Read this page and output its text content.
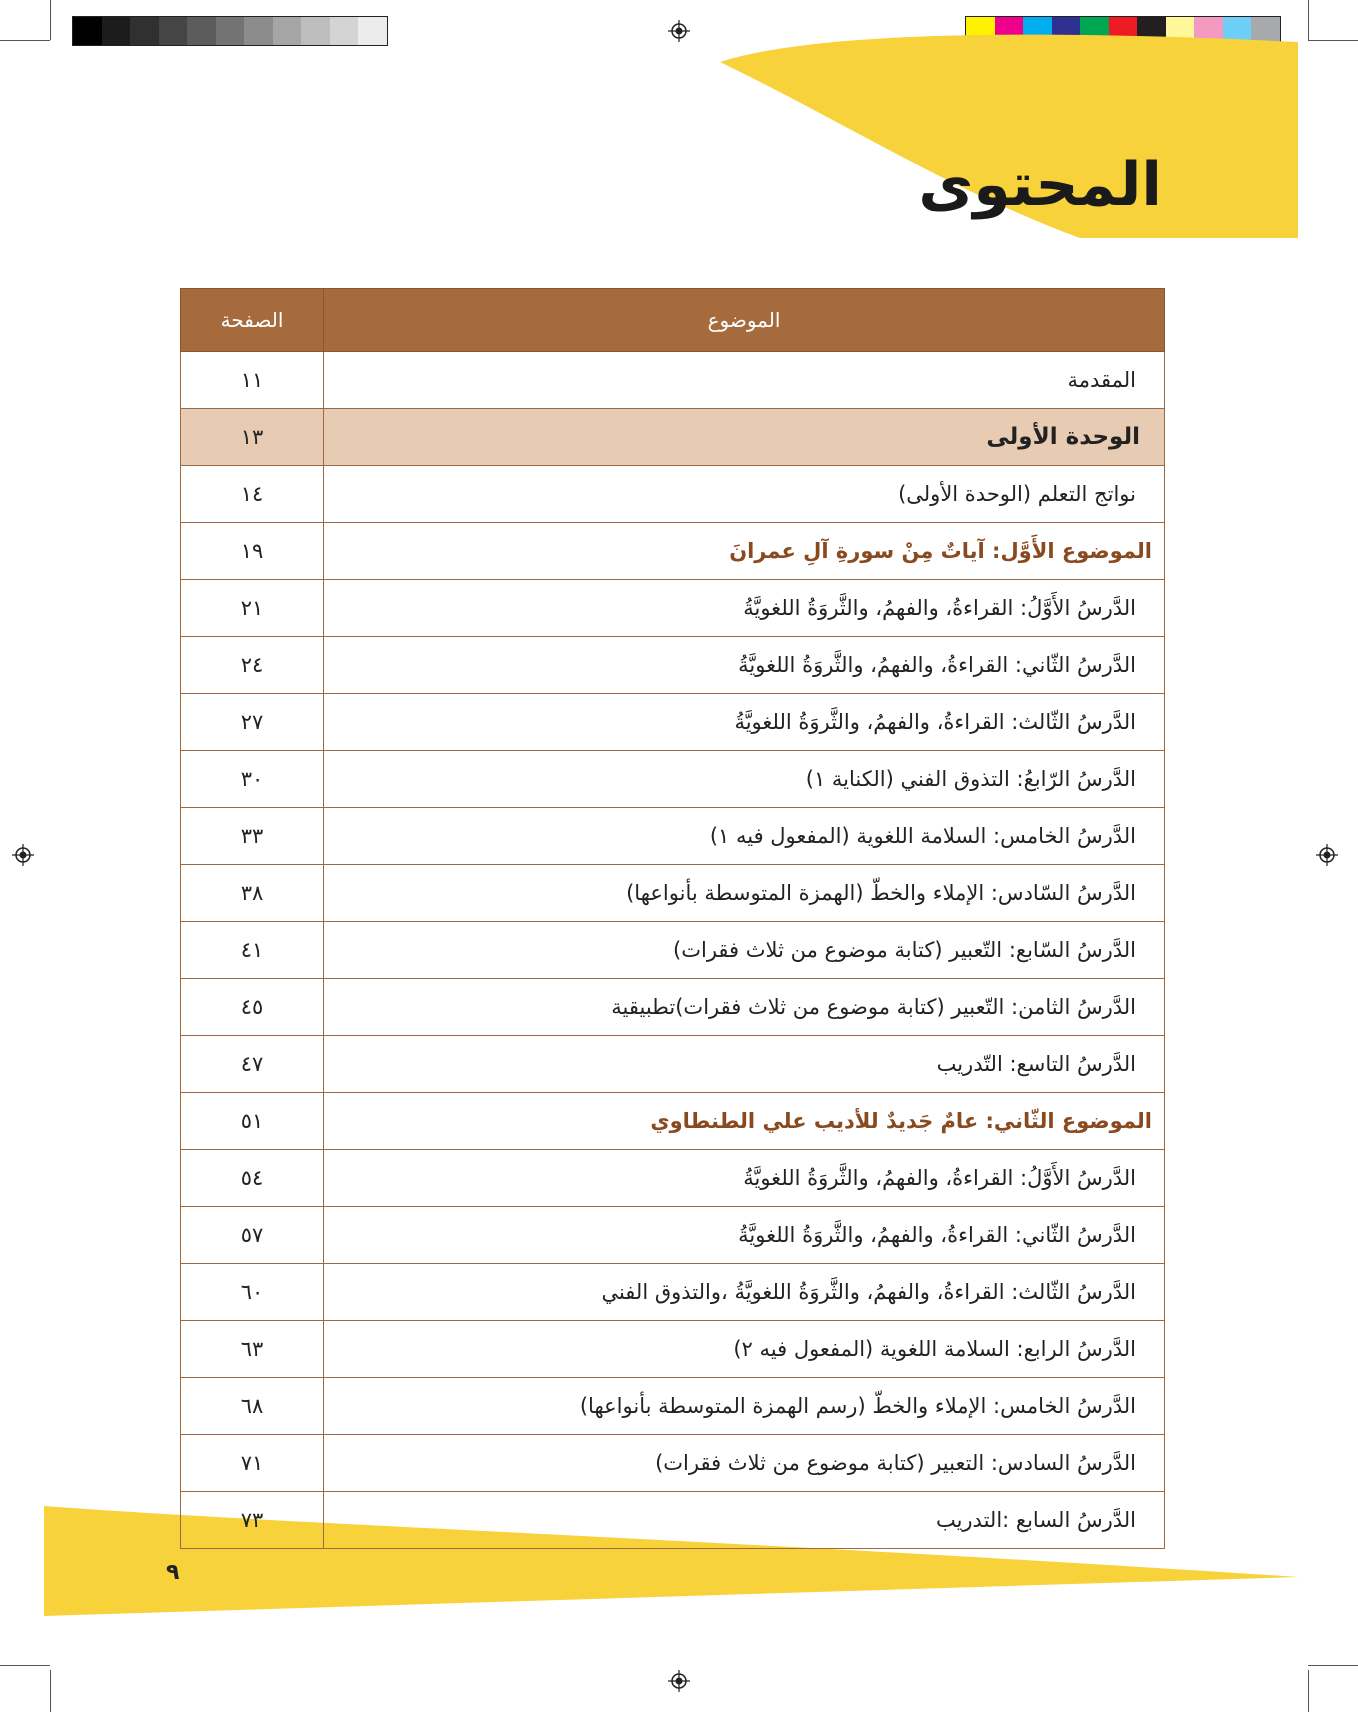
المحتوى
الموضوع	الصفحة
المقدمة	١١
الوحدة الأولى	١٣
نواتج التعلم (الوحدة الأولى)	١٤
الموضوع الأَوَّل: آياتٌ مِنْ سورةِ آلِ عمرانَ	١٩
الدَّرسُ الأَوَّلُ: القراءةُ، والفهمُ، والثَّروَةُ اللغويَّةُ	٢١
الدَّرسُ الثّاني: القراءةُ، والفهمُ، والثَّروَةُ اللغويَّةُ	٢٤
الدَّرسُ الثّالث: القراءةُ، والفهمُ، والثَّروَةُ اللغويَّةُ	٢٧
الدَّرسُ الرّابعُ: التذوق الفني (الكناية ١)	٣٠
الدَّرسُ الخامس: السلامة اللغوية (المفعول فيه ١)	٣٣
الدَّرسُ السّادس: الإملاء والخطّ (الهمزة المتوسطة بأنواعها)	٣٨
الدَّرسُ السّابع: التّعبير (كتابة موضوع من ثلاث فقرات)	٤١
الدَّرسُ الثامن: التّعبير (كتابة موضوع من ثلاث فقرات)تطبيقية	٤٥
الدَّرسُ التاسع: التّدريب	٤٧
الموضوع الثّاني: عامٌ جَديدٌ للأديب علي الطنطاوي	٥١
الدَّرسُ الأَوَّلُ: القراءةُ، والفهمُ، والثَّروَةُ اللغويَّةُ	٥٤
الدَّرسُ الثّاني: القراءةُ، والفهمُ، والثَّروَةُ اللغويَّةُ	٥٧
الدَّرسُ الثّالث: القراءةُ، والفهمُ، والثَّروَةُ اللغويَّةُ ،والتذوق الفني	٦٠
الدَّرسُ الرابع: السلامة اللغوية (المفعول فيه ٢)	٦٣
الدَّرسُ الخامس: الإملاء والخطّ (رسم الهمزة المتوسطة بأنواعها)	٦٨
الدَّرسُ السادس: التعبير (كتابة موضوع من ثلاث فقرات)	٧١
الدَّرسُ السابع :التدريب	٧٣
٩
